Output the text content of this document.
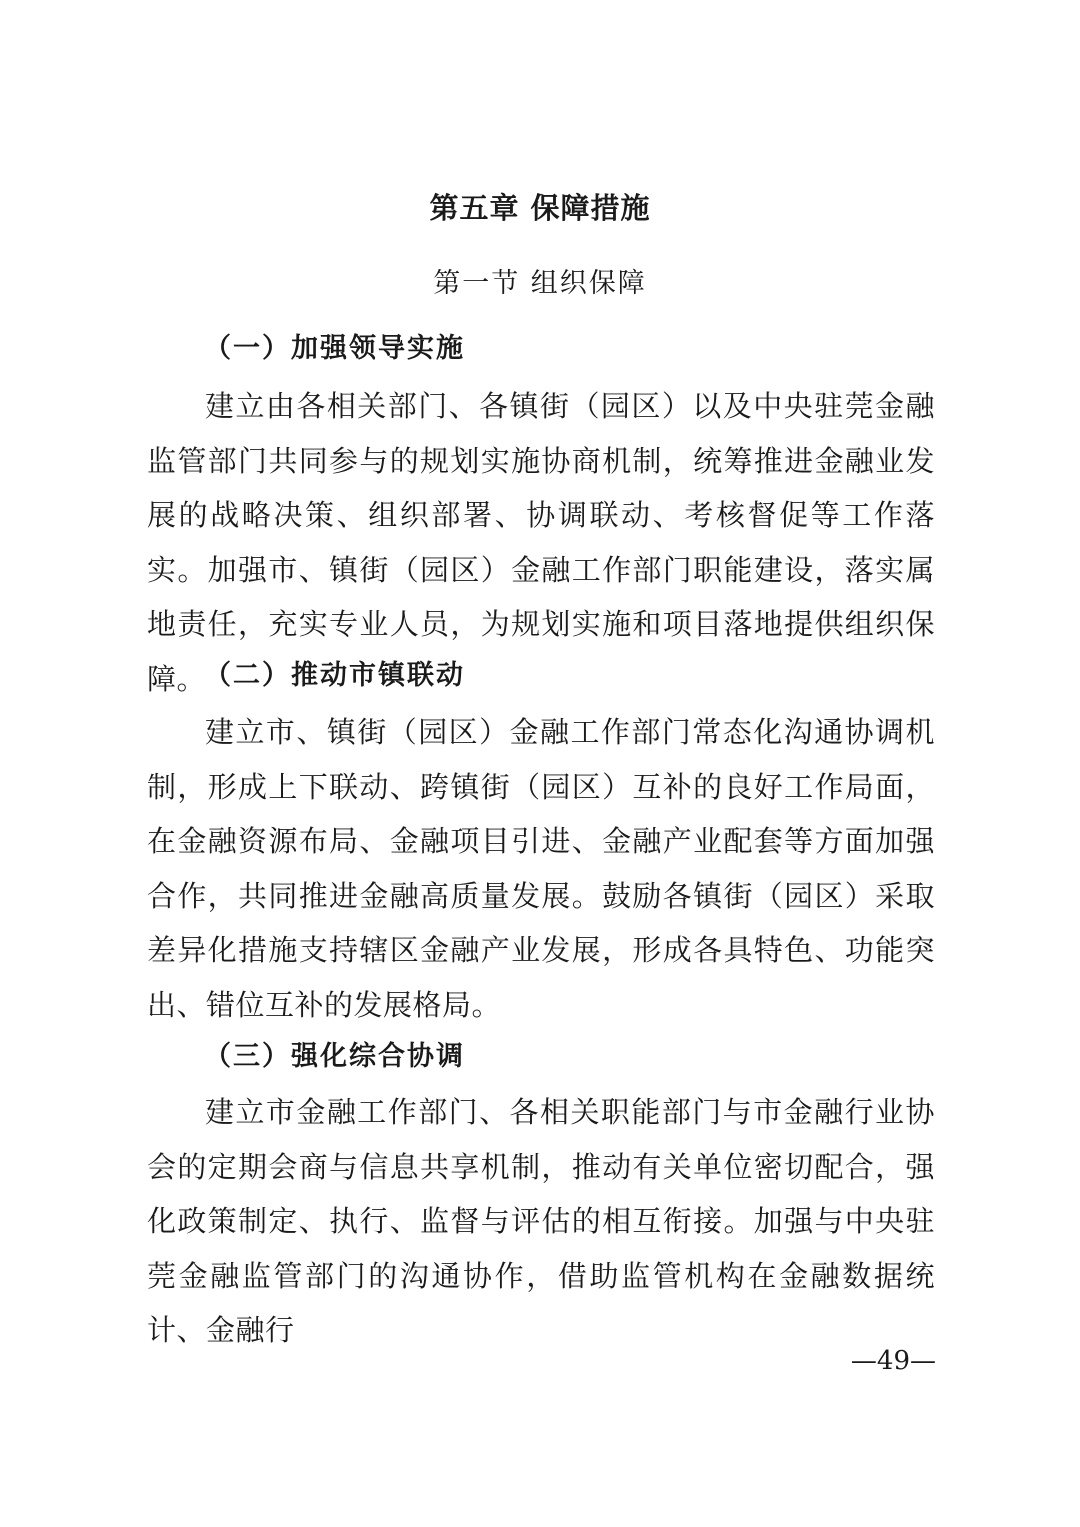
第五章 保障措施
第一节 组织保障
（一）加强领导实施
建立由各相关部门、各镇街（园区）以及中央驻莞金融监管部门共同参与的规划实施协商机制，统筹推进金融业发展的战略决策、组织部署、协调联动、考核督促等工作落实。加强市、镇街（园区）金融工作部门职能建设，落实属地责任，充实专业人员，为规划实施和项目落地提供组织保障。
（二）推动市镇联动
建立市、镇街（园区）金融工作部门常态化沟通协调机制，形成上下联动、跨镇街（园区）互补的良好工作局面，在金融资源布局、金融项目引进、金融产业配套等方面加强合作，共同推进金融高质量发展。鼓励各镇街（园区）采取差异化措施支持辖区金融产业发展，形成各具特色、功能突出、错位互补的发展格局。
（三）强化综合协调
建立市金融工作部门、各相关职能部门与市金融行业协会的定期会商与信息共享机制，推动有关单位密切配合，强化政策制定、执行、监督与评估的相互衔接。加强与中央驻莞金融监管部门的沟通协作，借助监管机构在金融数据统计、金融行
—49—
